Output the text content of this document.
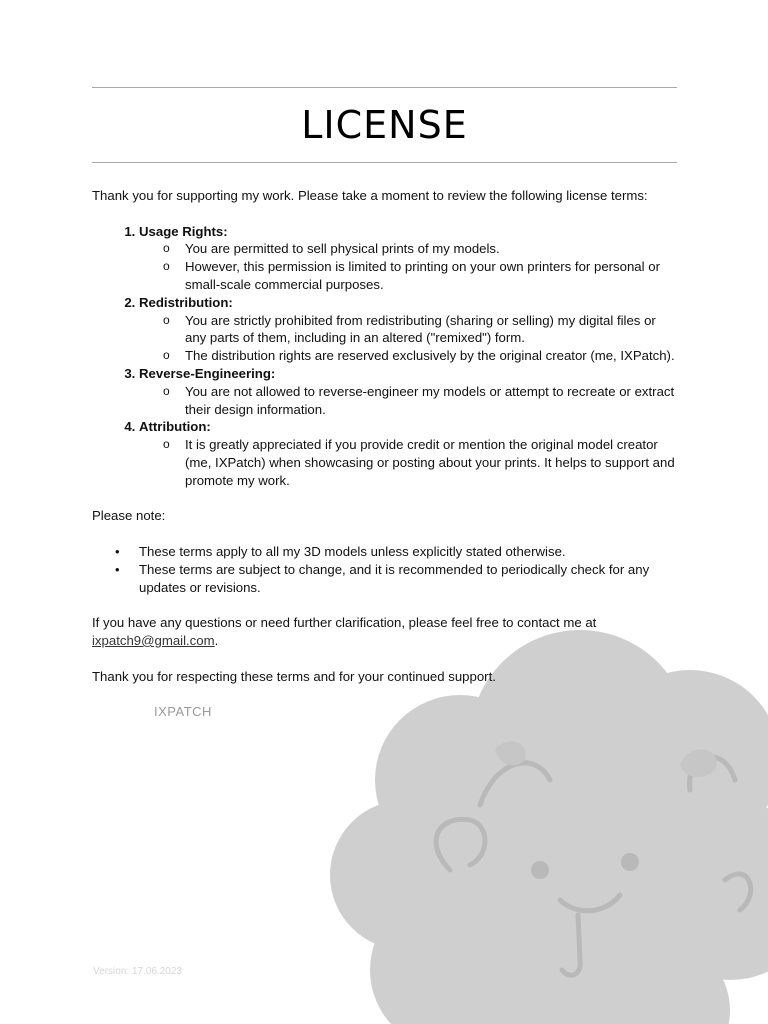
LICENSE

Thank you for supporting my work. Please take a moment to review the following license terms:

1. Usage Rights:
o You are permitted to sell physical prints of my models.
o However, this permission is limited to printing on your own printers for personal or small-scale commercial purposes.
2. Redistribution:
o You are strictly prohibited from redistributing (sharing or selling) my digital files or any parts of them, including in an altered ("remixed") form.
o The distribution rights are reserved exclusively by the original creator (me, IXPatch).
3. Reverse-Engineering:
o You are not allowed to reverse-engineer my models or attempt to recreate or extract their design information.
4. Attribution:
o It is greatly appreciated if you provide credit or mention the original model creator (me, IXPatch) when showcasing or posting about your prints. It helps to support and promote my work.

Please note:

• These terms apply to all my 3D models unless explicitly stated otherwise.
• These terms are subject to change, and it is recommended to periodically check for any updates or revisions.

If you have any questions or need further clarification, please feel free to contact me at ixpatch9@gmail.com.

Thank you for respecting these terms and for your continued support.

IXPATCH
Version: 17.06.2023
